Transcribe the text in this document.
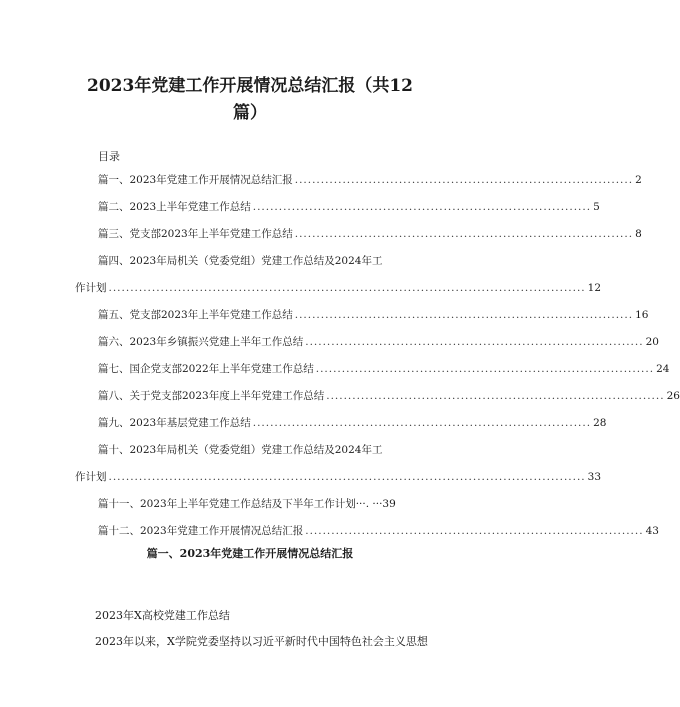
2023年党建工作开展情况总结汇报（共12
篇）
目录
篇一、2023年党建工作开展情况总结汇报 .............................................................................. 2
篇二、2023上半年党建工作总结 .............................................................................. 5
篇三、党支部2023年上半年党建工作总结 .............................................................................. 8
篇四、2023年局机关（党委党组）党建工作总结及2024年工
作计划 .............................................................................................................. 12
篇五、党支部2023年上半年党建工作总结 .............................................................................. 16
篇六、2023年乡镇振兴党建上半年工作总结 .............................................................................. 20
篇七、国企党支部2022年上半年党建工作总结 .............................................................................. 24
篇八、关于党支部2023年度上半年党建工作总结 .............................................................................. 26
篇九、2023年基层党建工作总结 .............................................................................. 28
篇十、2023年局机关（党委党组）党建工作总结及2024年工
作计划 .............................................................................................................. 33
篇十一、2023年上半年党建工作总结及下半年工作计划···. ···39
篇十二、2023年党建工作开展情况总结汇报 .............................................................................. 43
篇一、2023年党建工作开展情况总结汇报
2023年X高校党建工作总结
2023年以来，X学院党委坚持以习近平新时代中国特色社会主义思想
